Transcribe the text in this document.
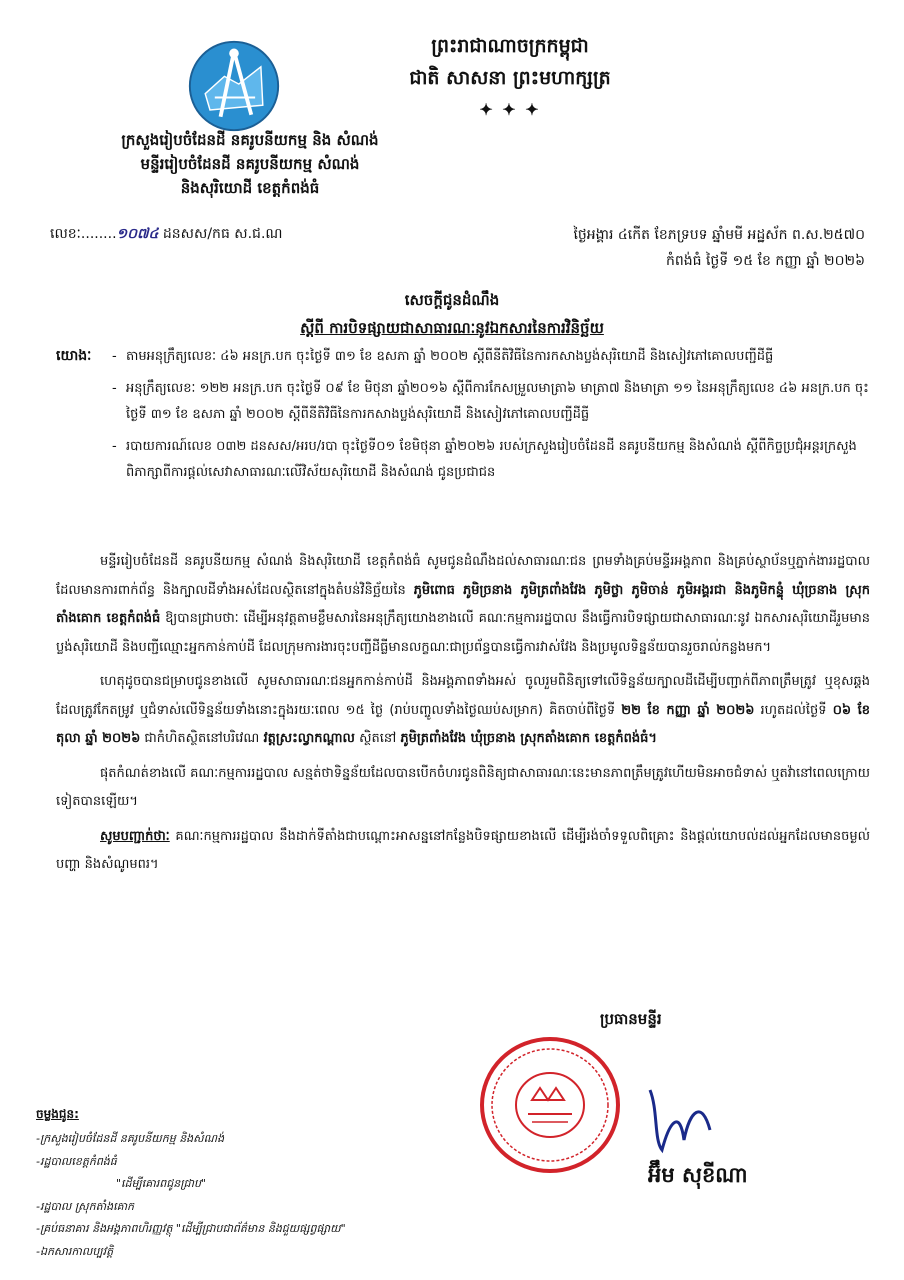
ព្រះរាជាណាចក្រកម្ពុជា
ជាតិ សាសនា ព្រះមហាក្សត្រ
✦ ✦ ✦
ក្រសួងរៀបចំដែនដី នគរូបនីយកម្ម និង សំណង់
មន្ទីររៀបចំដែនដី នគរូបនីយកម្ម សំណង់
និងសុរិយោដី ខេត្តកំពង់ធំ
លេខៈ........១០៧៤ ដនសស/កធ ស.ជ.ណ	ថ្ងៃអង្គារ ៤កើត ខែភទ្របទ ឆ្នាំមមី អដ្ឋស័ក ព.ស.២៥៧០
កំពង់ធំ ថ្ងៃទី ១៥ ខែ កញ្ញា ឆ្នាំ ២០២៦
សេចក្តីជូនដំណឹង
ស្តីពី ការបិទផ្សាយជាសាធារណៈនូវឯកសារនៃការវិនិច្ឆ័យ
យោងៈ
-	តាមអនុក្រឹត្យលេខៈ ៤៦ អនក្រ.បក ចុះថ្ងៃទី ៣១ ខែ ឧសភា ឆ្នាំ ២០០២ ស្តីពីនីតិវិធីនៃការកសាងប្លង់សុរិយោដី និងសៀវភៅគោលបញ្ជីដីធ្លី
- អនុក្រឹត្យលេខៈ ១២២ អនក្រ.បក ចុះថ្ងៃទី ០៩ ខែ មិថុនា ឆ្នាំ២០១៦ ស្តីពីការកែសម្រួលមាត្រា៦ មាត្រា៧ និងមាត្រា ១១ នៃអនុក្រឹត្យលេខ ៤៦ អនក្រ.បក ចុះថ្ងៃទី ៣១ ខែ ឧសភា ឆ្នាំ ២០០២ ស្តីពីនីតិវិធីនៃការកសាងប្លង់សុរិយោដី និងសៀវភៅគោលបញ្ជីដីធ្លី
- របាយការណ៍លេខ ០៣២ ដនសស/អរប/របា ចុះថ្ងៃទី០១ ខែមិថុនា ឆ្នាំ២០២៦ របស់ក្រសួងរៀបចំដែនដី នគរូបនីយកម្ម និងសំណង់ ស្តីពីកិច្ចប្រជុំអន្តរក្រសួងពិភាក្សាពីការផ្តល់សេវាសាធារណៈលើវិស័យសុរិយោដី និងសំណង់ ជូនប្រជាជន

មន្ទីររៀបចំដែនដី នគរូបនីយកម្ម សំណង់ និងសុរិយោដី ខេត្តកំពង់ធំ សូមជូនដំណឹងដល់សាធារណៈជន ព្រមទាំងគ្រប់មន្ទីរអង្គភាព និងគ្រប់ស្ថាប័នឬភ្នាក់ងាររដ្ឋបាលដែលមានការពាក់ព័ន្ធ និងក្បាលដីទាំងអស់ដែលស្ថិតនៅក្នុងតំបន់វិនិច្ឆ័យនៃ ភូមិពោធ ភូមិច្រនាង ភូមិត្រពាំងវែង ភូមិថ្លា ភូមិចាន់ ភូមិអង្គរជា និងភូមិកន្ទុំ ឃុំច្រនាង ស្រុកតាំងគោក ខេត្តកំពង់ធំ ឱ្យបានជ្រាបថាៈ ដើម្បីអនុវត្តតាមខ្លឹមសារនៃអនុក្រឹត្យយោងខាងលើ គណៈកម្មការរដ្ឋបាល នឹងធ្វើការបិទផ្សាយជាសាធារណៈនូវ ឯកសារសុរិយោដីរួមមានប្លង់សុរិយោដី និងបញ្ជីឈ្មោះអ្នកកាន់កាប់ដី ដែលក្រុមការងារចុះបញ្ជីដីធ្លីមានលក្ខណៈជាប្រព័ន្ធបានធ្វើការវាស់វែង និងប្រមូលទិន្នន័យបានរួចរាល់កន្លងមក។

ហេតុដូចបានជម្រាបជូនខាងលើ សូមសាធារណៈជនអ្នកកាន់កាប់ដី និងអង្គភាពទាំងអស់ ចូលរួមពិនិត្យទៅលើទិន្នន័យក្បាលដីដើម្បីបញ្ជាក់ពីភាពត្រឹមត្រូវ ឬខុសឆ្គងដែលត្រូវកែតម្រូវ ឬជំទាស់លើទិន្នន័យទាំងនោះក្នុងរយៈពេល ១៥ ថ្ងៃ (រាប់បញ្ចូលទាំងថ្ងៃឈប់សម្រាក) គិតចាប់ពីថ្ងៃទី ២២ ខែ កញ្ញា ឆ្នាំ ២០២៦ រហូតដល់ថ្ងៃទី ០៦ ខែ តុលា ឆ្នាំ ២០២៦ ជាកំហិតស្ថិតនៅបរិវេណ វត្តស្រះល្វាកណ្តាល ស្ថិតនៅ ភូមិត្រពាំងវែង ឃុំច្រនាង ស្រុកតាំងគោក ខេត្តកំពង់ធំ។

ផុតកំណត់ខាងលើ គណៈកម្មការរដ្ឋបាល សន្មត់ថាទិន្នន័យដែលបានបើកចំហរជូនពិនិត្យជាសាធារណៈនេះមានភាពត្រឹមត្រូវហើយមិនអាចជំទាស់ ឬតវ៉ានៅពេលក្រោយទៀតបានឡើយ។

សូមបញ្ជាក់ថាៈ គណៈកម្មការរដ្ឋបាល នឹងដាក់ទីតាំងជាបណ្តោះអាសន្ននៅកន្លែងបិទផ្សាយខាងលើ ដើម្បីរង់ចាំទទួលពិគ្រោះ និងផ្តល់យោបល់ដល់អ្នកដែលមានចម្ងល់ បញ្ហា និងសំណូមពរ។

ប្រធានមន្ទីរ
អ៊ឹម សុខីណា
ចម្លងជូន:
-ក្រសួងរៀបចំដែនដី នគរូបនីយកម្ម និងសំណង់
-រដ្ឋបាលខេត្តកំពង់ធំ
"ដើម្បីគោរពជូនជ្រាប"
-រដ្ឋបាល ស្រុកតាំងគោក
-គ្រប់ធនាគារ និងអង្គភាពហិរញ្ញវត្ថុ "ដើម្បីជ្រាបជាព័ត៌មាន និងជួយផ្សព្វផ្សាយ"
-ឯកសារកាលប្បវត្តិ
